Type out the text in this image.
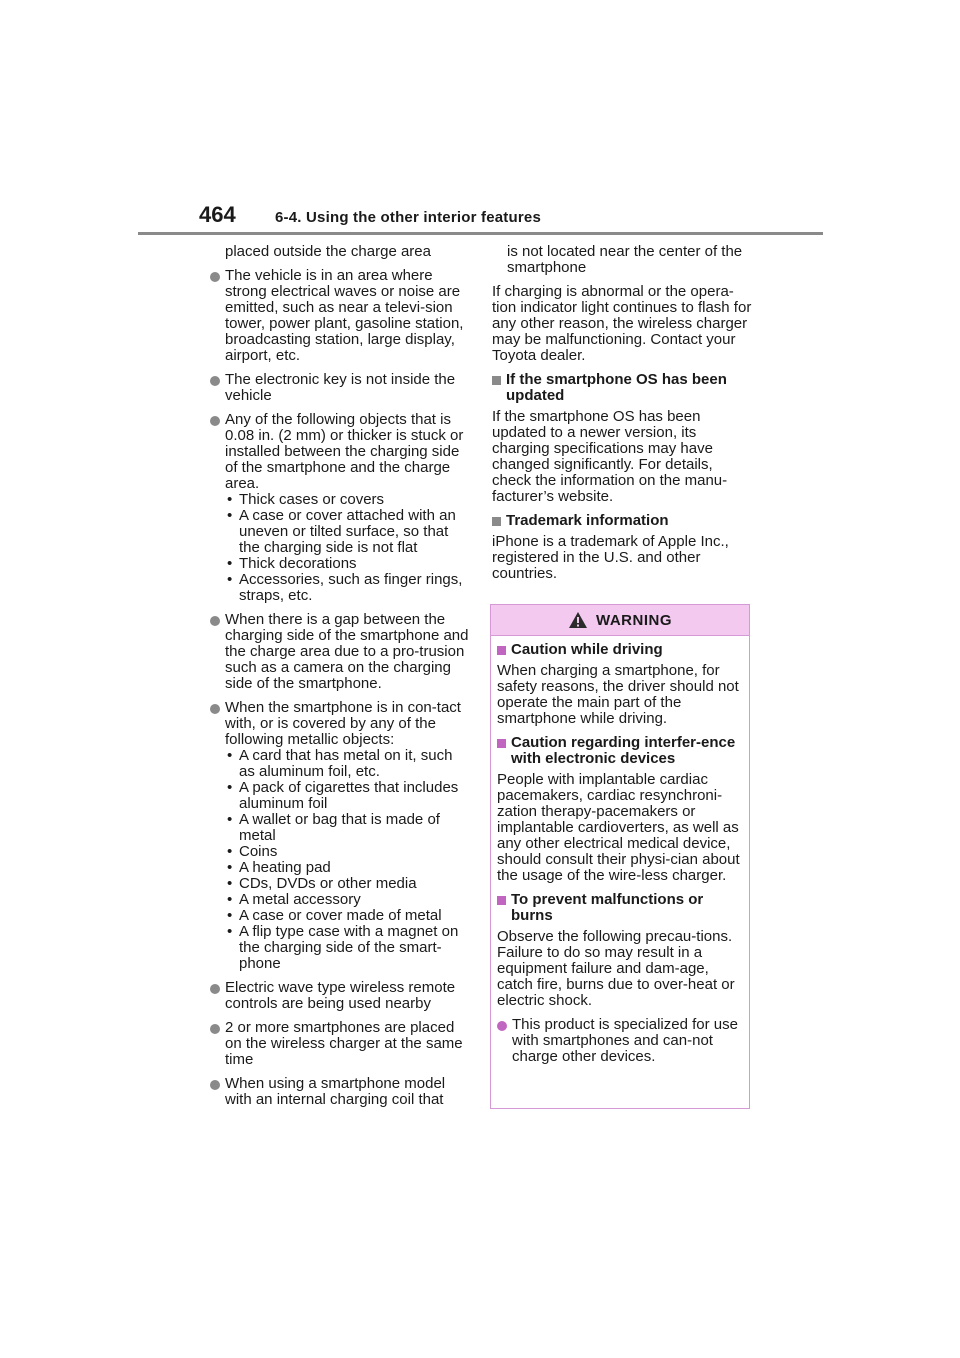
464	6-4. Using the other interior features
placed outside the charge area
The vehicle is in an area where strong electrical waves or noise are emitted, such as near a televi-sion tower, power plant, gasoline station, broadcasting station, large display, airport, etc.
The electronic key is not inside the vehicle
Any of the following objects that is 0.08 in. (2 mm) or thicker is stuck or installed between the charging side of the smartphone and the charge area.
• Thick cases or covers
• A case or cover attached with an uneven or tilted surface, so that the charging side is not flat
• Thick decorations
• Accessories, such as finger rings, straps, etc.
When there is a gap between the charging side of the smartphone and the charge area due to a pro-trusion such as a camera on the charging side of the smartphone.
When the smartphone is in con-tact with, or is covered by any of the following metallic objects:
• A card that has metal on it, such as aluminum foil, etc.
• A pack of cigarettes that includes aluminum foil
• A wallet or bag that is made of metal
• Coins
• A heating pad
• CDs, DVDs or other media
• A metal accessory
• A case or cover made of metal
• A flip type case with a magnet on the charging side of the smart-phone
Electric wave type wireless remote controls are being used nearby
2 or more smartphones are placed on the wireless charger at the same time
When using a smartphone model with an internal charging coil that
is not located near the center of the smartphone

If charging is abnormal or the opera-tion indicator light continues to flash for any other reason, the wireless charger may be malfunctioning. Contact your Toyota dealer.

If the smartphone OS has been updated

If the smartphone OS has been updated to a newer version, its charging specifications may have changed significantly. For details, check the information on the manu-facturer’s website.

Trademark information

iPhone is a trademark of Apple Inc., registered in the U.S. and other countries.

WARNING
Caution while driving

When charging a smartphone, for safety reasons, the driver should not operate the main part of the smartphone while driving.

Caution regarding interfer-ence with electronic devices

People with implantable cardiac pacemakers, cardiac resynchroni-zation therapy-pacemakers or implantable cardioverters, as well as any other electrical medical device, should consult their physi-cian about the usage of the wire-less charger.

To prevent malfunctions or burns

Observe the following precau-tions. Failure to do so may result in a equipment failure and dam-age, catch fire, burns due to over-heat or electric shock.

This product is specialized for use with smartphones and can-not charge other devices.
